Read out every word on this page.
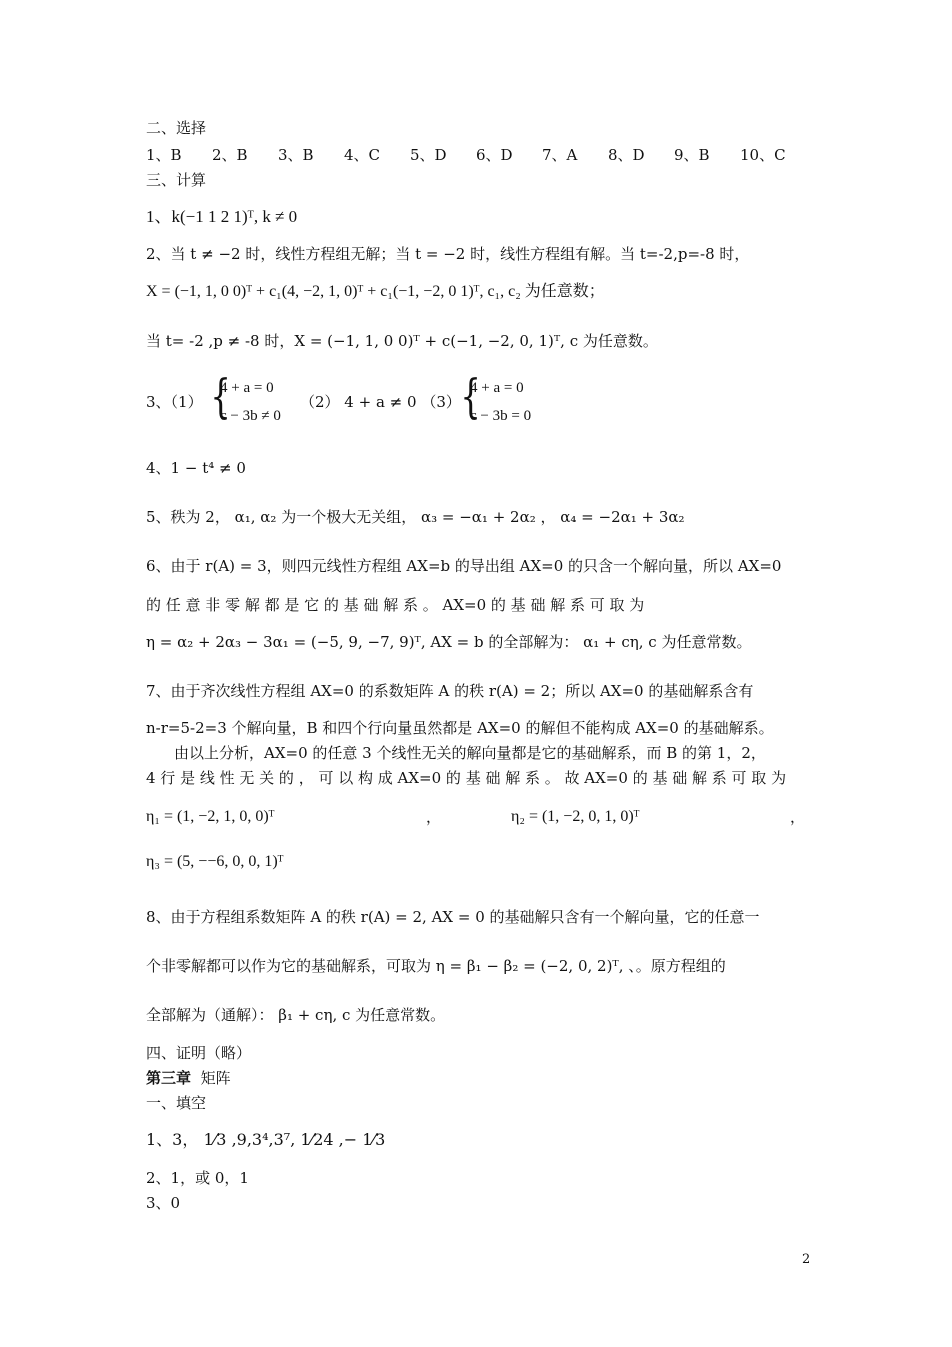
二、选择
1、B 2、B 3、B 4、C 5、D 6、D 7、A 8、D 9、B 10、C
三、计算
1、k(−1 1 2 1)ᵀ, k ≠ 0
2、当 t ≠ −2 时，线性方程组无解；当 t = −2 时，线性方程组有解。当 t=-2,p=-8 时，
X = (−1, 1, 0 0)ᵀ + c₁(4, −2, 1, 0)ᵀ + c₁(−1, −2, 0 1)ᵀ, c₁, c₂ 为任意数；
当 t= -2 ,p ≠ -8 时，X = (−1, 1, 0 0)ᵀ + c(−1, −2, 0, 1)ᵀ, c 为任意数。
3、（1） {
4 + a = 0
c − 3b ≠ 0
（2） 4 + a ≠ 0 （3） {
4 + a = 0
c − 3b = 0
4、1 − t⁴ ≠ 0
5、秩为 2， α₁, α₂ 为一个极大无关组， α₃ = −α₁ + 2α₂ ， α₄ = −2α₁ + 3α₂
6、由于 r(A) = 3，则四元线性方程组 AX=b 的导出组 AX=0 的只含一个解向量，所以 AX=0
的 任 意 非 零 解 都 是 它 的 基 础 解 系 。 AX=0 的 基 础 解 系 可 取 为
η = α₂ + 2α₃ − 3α₁ = (−5, 9, −7, 9)ᵀ, AX = b 的全部解为： α₁ + cη, c 为任意常数。
7、由于齐次线性方程组 AX=0 的系数矩阵 A 的秩 r(A) = 2；所以 AX=0 的基础解系含有
n-r=5-2=3 个解向量，B 和四个行向量虽然都是 AX=0 的解但不能构成 AX=0 的基础解系。
由以上分析，AX=0 的任意 3 个线性无关的解向量都是它的基础解系，而 B 的第 1，2，
4 行 是 线 性 无 关 的 ， 可 以 构 成 AX=0 的 基 础 解 系 。 故 AX=0 的 基 础 解 系 可 取 为
η₁ = (1, −2, 1, 0, 0)ᵀ	，	η₂ = (1, −2, 0, 1, 0)ᵀ	，
η₃ = (5, −−6, 0, 0, 1)ᵀ
8、由于方程组系数矩阵 A 的秩 r(A) = 2, AX = 0 的基础解只含有一个解向量，它的任意一
个非零解都可以作为它的基础解系，可取为 η = β₁ − β₂ = (−2, 0, 2)ᵀ, 、。原方程组的
全部解为（通解）： β₁ + cη, c 为任意常数。
四、证明（略）
第三章 矩阵
一、填空
1、3， 1⁄3 ,9,3⁴,3⁷, 1⁄24 ,− 1⁄3
2、1，或 0，1
3、0
2
